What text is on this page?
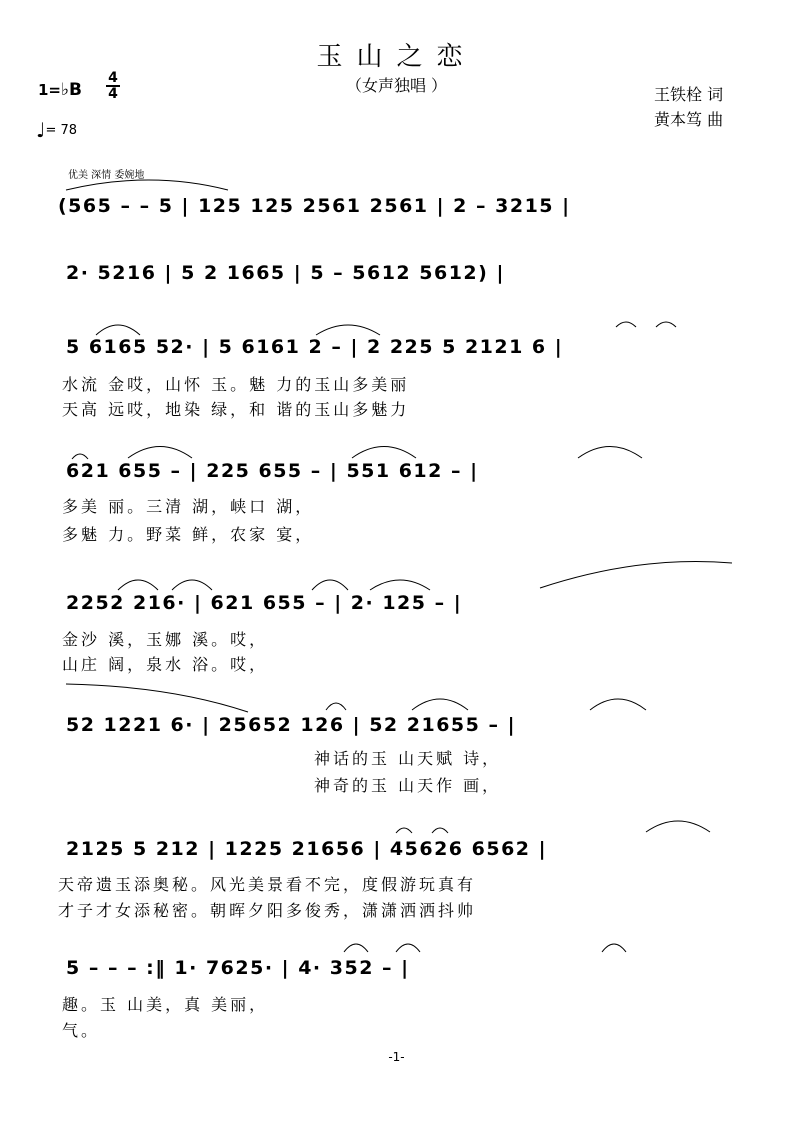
玉山之恋
（女声独唱 ）
1=♭B
4
4
♩= 78
王铁栓 词
黄本笃 曲
优美 深情 委婉地
(565 – – 5 | 125 125 2561 2561 | 2 – 3215 |
2· 5216 | 5 2 1665 | 5 – 5612 5612) |
5 6165 52· | 5 6161 2 – | 2 225 5 2121 6 |
水流 金哎，山怀 玉。魅 力的玉山多美丽
天高 远哎，地染 绿，和 谐的玉山多魅力
621 655 – | 225 655 – | 551 612 – |
多美 丽。三清 湖，峡口 湖，
多魅 力。野菜 鲜，农家 宴，
2252 216· | 621 655 – | 2· 125 – |
金沙 溪，玉娜 溪。哎，
山庄 阔，泉水 浴。哎，
52 1221 6· | 25652 126 | 52 21655 – |
神话的玉 山天赋 诗，
神奇的玉 山天作 画，
2125 5 212 | 1225 21656 | 45626 6562 |
天帝遗玉添奥秘。风光美景看不完，度假游玩真有
才子才女添秘密。朝晖夕阳多俊秀，潇潇洒洒抖帅
5 – – – :‖ 1· 7625· | 4· 352 – |
趣。玉 山美，真 美丽，
气。
-1-
